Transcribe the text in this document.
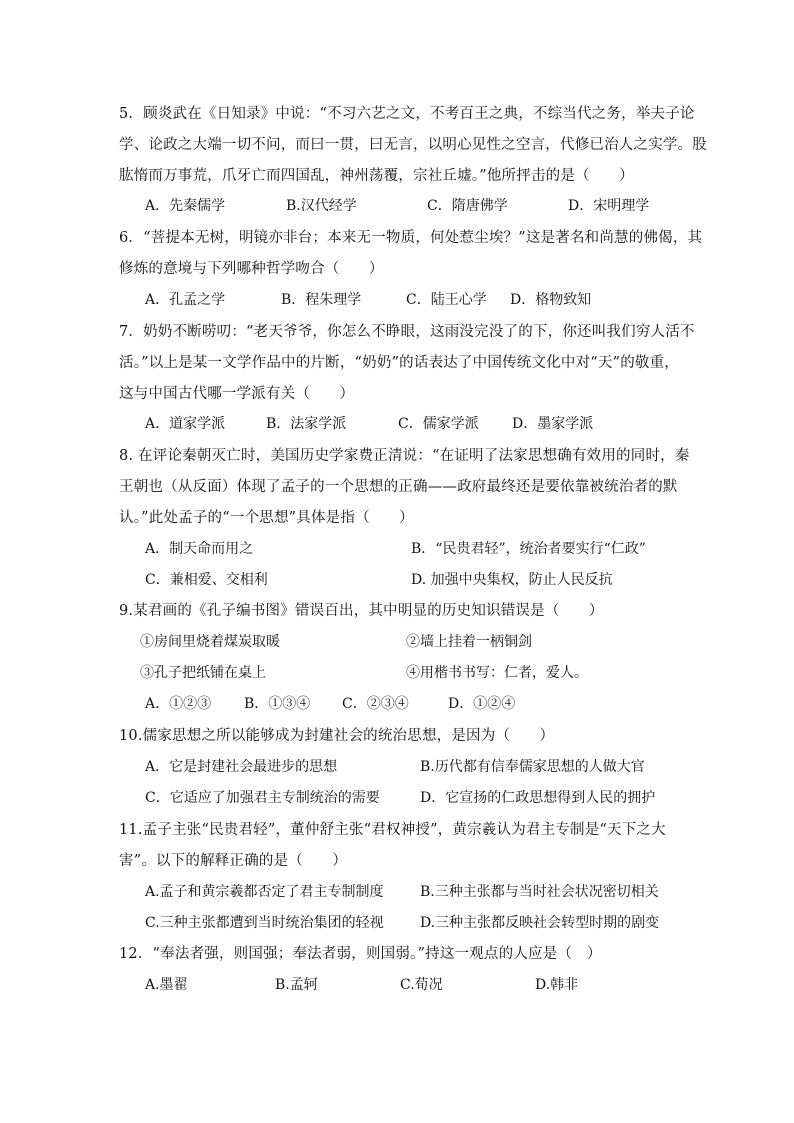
5．顾炎武在《日知录》中说：“不习六艺之文，不考百王之典，不综当代之务，举夫子论
学、论政之大端一切不问，而曰一贯，曰无言，以明心见性之空言，代修已治人之实学。股
肱惰而万事荒，爪牙亡而四国乱，神州荡覆，宗社丘墟。”他所抨击的是（　　）
A．先秦儒学	B.汉代经学	C．隋唐佛学	D．宋明理学
6．“菩提本无树，明镜亦非台；本来无一物质，何处惹尘埃？”这是著名和尚慧的佛偈，其
修炼的意境与下列哪种哲学吻合（　　）
A．孔孟之学	B．程朱理学	C．陆王心学 D．格物致知
7．奶奶不断唠叨：“老天爷爷，你怎么不睁眼，这雨没完没了的下，你还叫我们穷人活不
活。”以上是某一文学作品中的片断，“奶奶”的话表达了中国传统文化中对“天”的敬重，
这与中国古代哪一学派有关（　　）
A．道家学派	B．法家学派	C．儒家学派 D．墨家学派
8. 在评论秦朝灭亡时，美国历史学家费正清说：“在证明了法家思想确有效用的同时，秦
王朝也（从反面）体现了孟子的一个思想的正确——政府最终还是要依靠被统治者的默
认。”此处孟子的“一个思想”具体是指（　　）
A．制天命而用之	B．“民贵君轻”，统治者要实行“仁政”
C．兼相爱、交相利	D. 加强中央集权，防止人民反抗
9.某君画的《孔子编书图》错误百出，其中明显的历史知识错误是（　　）
①房间里烧着煤炭取暖	②墙上挂着一柄铜剑
③孔子把纸铺在桌上	④用楷书书写：仁者，爱人。
A．①②③ B．①③④ C．②③④	D．①②④
10.儒家思想之所以能够成为封建社会的统治思想，是因为（　　）
A．它是封建社会最进步的思想	B.历代都有信奉儒家思想的人做大官
C．它适应了加强君主专制统治的需要	D．它宣扬的仁政思想得到人民的拥护
11.孟子主张“民贵君轻”，董仲舒主张“君权神授”，黄宗羲认为君主专制是“天下之大
害”。以下的解释正确的是（　　）
A.孟子和黄宗羲都否定了君主专制制度	B.三种主张都与当时社会状况密切相关
C.三种主张都遭到当时统治集团的轻视	D.三种主张都反映社会转型时期的剧变
12．“奉法者强，则国强；奉法者弱，则国弱。”持这一观点的人应是（　）
A.墨翟	B.孟轲	C.荀况	D.韩非
